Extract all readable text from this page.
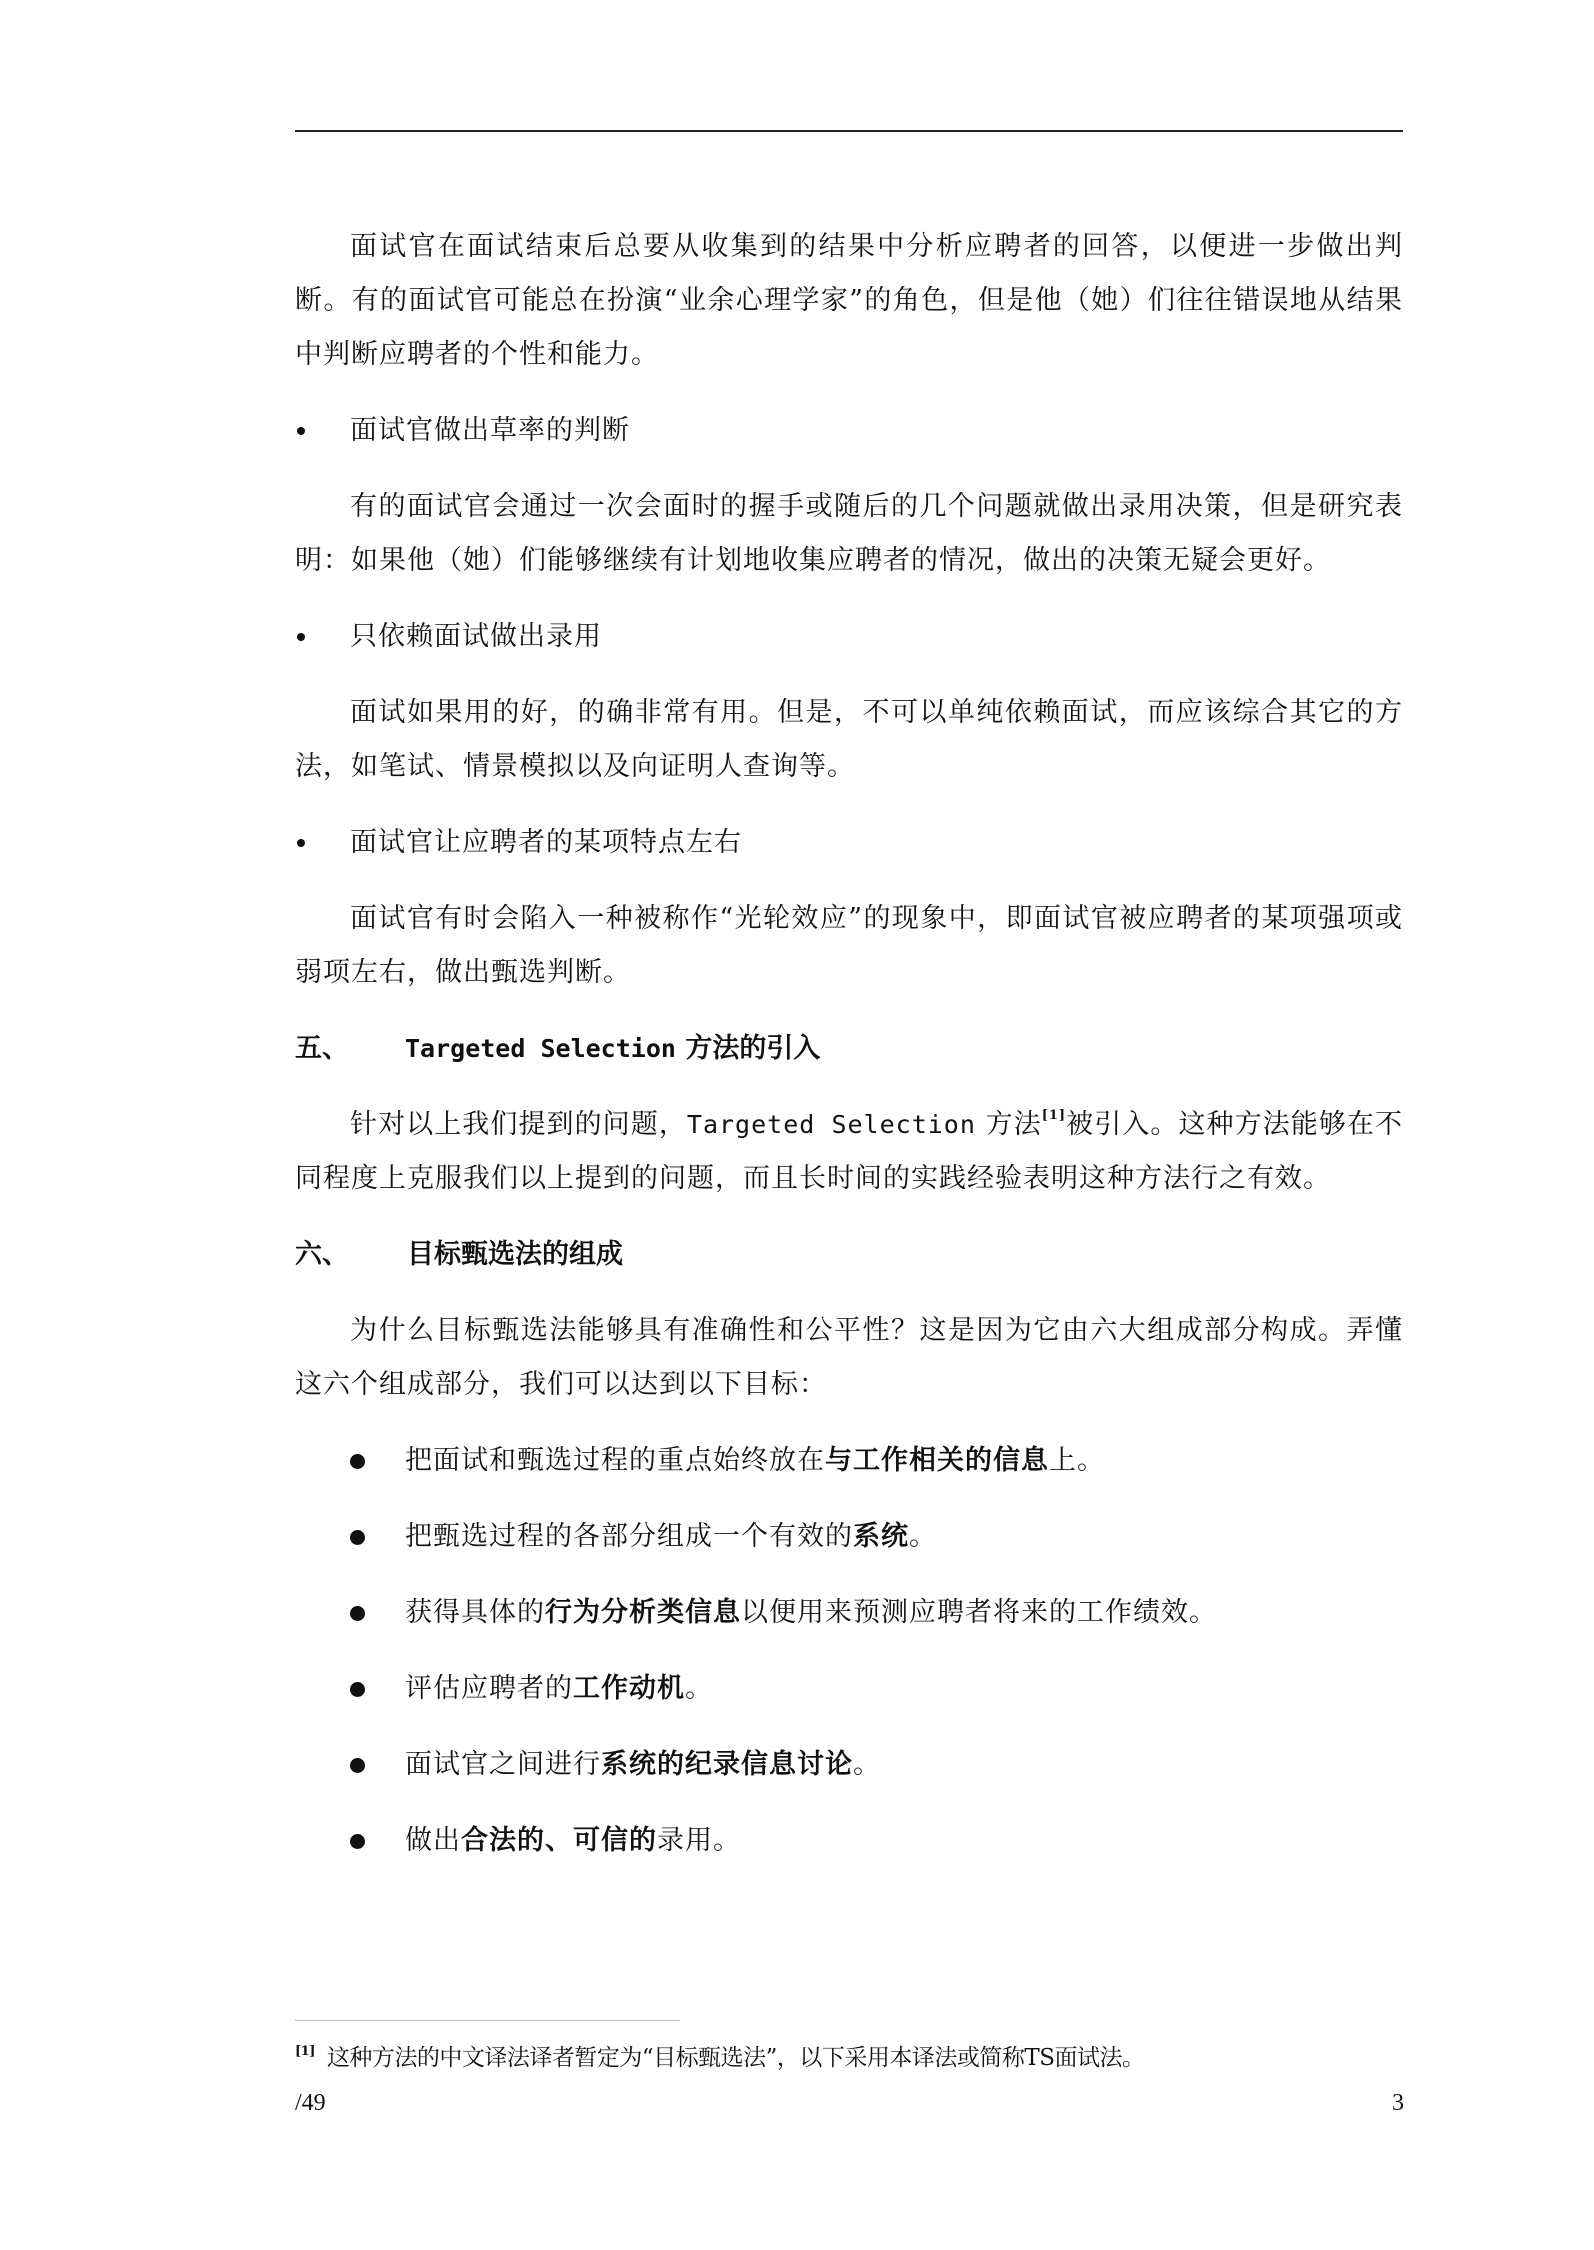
面试官在面试结束后总要从收集到的结果中分析应聘者的回答，以便进一步做出判断。有的面试官可能总在扮演“业余心理学家”的角色，但是他（她）们往往错误地从结果中判断应聘者的个性和能力。

面试官做出草率的判断

有的面试官会通过一次会面时的握手或随后的几个问题就做出录用决策，但是研究表明：如果他（她）们能够继续有计划地收集应聘者的情况，做出的决策无疑会更好。

只依赖面试做出录用

面试如果用的好，的确非常有用。但是，不可以单纯依赖面试，而应该综合其它的方法，如笔试、情景模拟以及向证明人查询等。

面试官让应聘者的某项特点左右

面试官有时会陷入一种被称作“光轮效应”的现象中，即面试官被应聘者的某项强项或弱项左右，做出甄选判断。

五、	Targeted Selection 方法的引入

针对以上我们提到的问题，Targeted Selection 方法[1]被引入。这种方法能够在不同程度上克服我们以上提到的问题，而且长时间的实践经验表明这种方法行之有效。

六、	目标甄选法的组成

为什么目标甄选法能够具有准确性和公平性？这是因为它由六大组成部分构成。弄懂这六个组成部分，我们可以达到以下目标：

把面试和甄选过程的重点始终放在与工作相关的信息上。
把甄选过程的各部分组成一个有效的系统。
获得具体的行为分析类信息以便用来预测应聘者将来的工作绩效。
评估应聘者的工作动机。
面试官之间进行系统的纪录信息讨论。
做出合法的、可信的录用。
[1] 这种方法的中文译法译者暂定为“目标甄选法”，以下采用本译法或简称TS面试法。
/49	3
